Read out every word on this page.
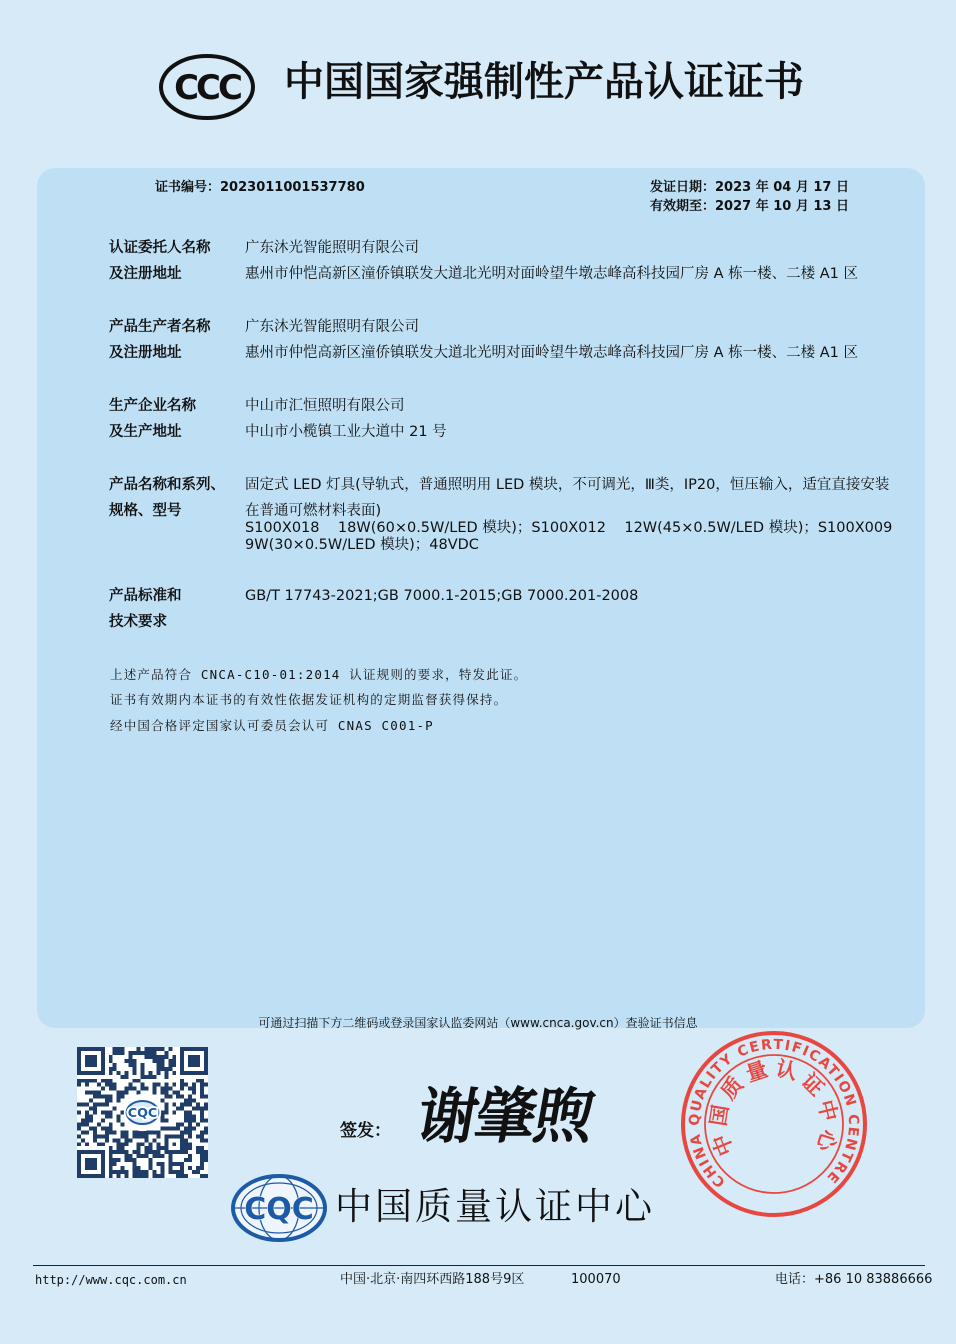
CCC 中国国家强制性产品认证证书
证书编号：2023011001537780	发证日期：2023 年 04 月 17 日
有效期至：2027 年 10 月 13 日
认证委托人名称 广东沐光智能照明有限公司
及注册地址	惠州市仲恺高新区潼侨镇联发大道北光明对面岭望牛墩志峰高科技园厂房 A 栋一楼、二楼 A1 区
产品生产者名称 广东沐光智能照明有限公司
及注册地址	惠州市仲恺高新区潼侨镇联发大道北光明对面岭望牛墩志峰高科技园厂房 A 栋一楼、二楼 A1 区
生产企业名称	中山市汇恒照明有限公司
及生产地址	中山市小榄镇工业大道中 21 号
产品名称和系列、 固定式 LED 灯具(导轨式，普通照明用 LED 模块，不可调光，Ⅲ类，IP20，恒压输入，适宜直接安装
规格、型号	在普通可燃材料表面)
S100X018    18W(60×0.5W/LED 模块)；S100X012    12W(45×0.5W/LED 模块)；S100X009
9W(30×0.5W/LED 模块)；48VDC
产品标准和	GB/T 17743-2021;GB 7000.1-2015;GB 7000.201-2008
技术要求
上述产品符合 CNCA-C10-01:2014 认证规则的要求，特发此证。
证书有效期内本证书的有效性依据发证机构的定期监督获得保持。
经中国合格评定国家认可委员会认可 CNAS C001-P
可通过扫描下方二维码或登录国家认监委网站（www.cnca.gov.cn）查验证书信息
CQC
签发： 谢肇煦
CHINA QUALITY CERTIFICATION CENTRE
中国质量认证中心
CQC 中国质量认证中心
http://www.cqc.com.cn	中国·北京·南四环西路188号9区	100070	电话：+86 10 83886666
